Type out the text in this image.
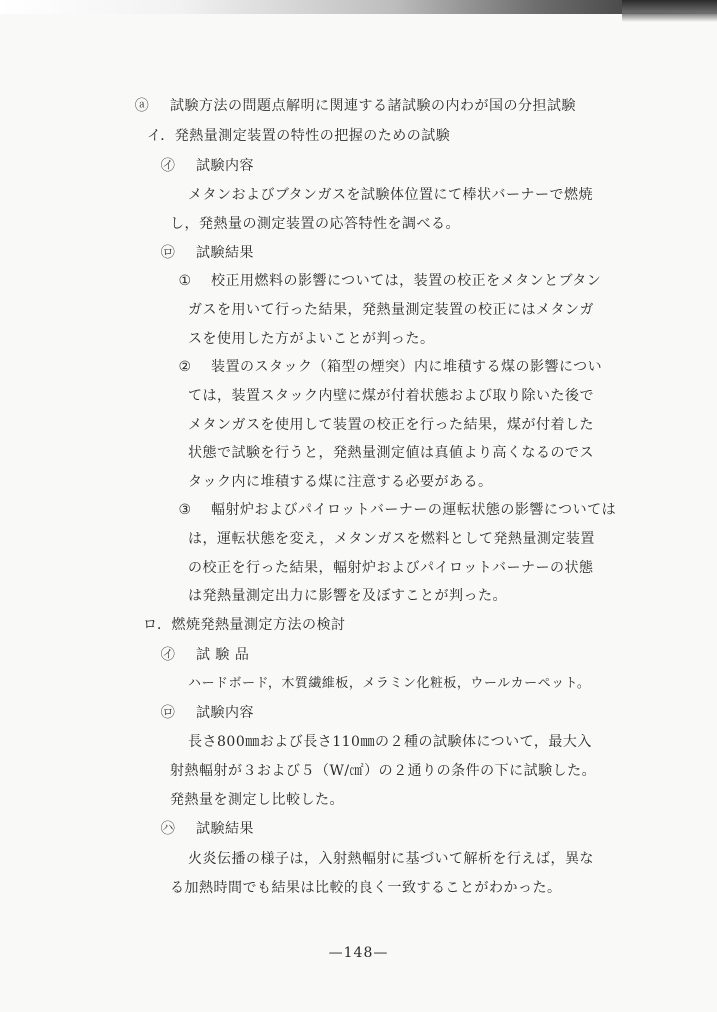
ⓐ 試験方法の問題点解明に関連する諸試験の内わが国の分担試験
イ．発熱量測定装置の特性の把握のための試験
㋑ 試験内容
メタンおよびブタンガスを試験体位置にて棒状バーナーで燃焼
し，発熱量の測定装置の応答特性を調べる。
㋺ 試験結果
① 校正用燃料の影響については，装置の校正をメタンとブタン
ガスを用いて行った結果，発熱量測定装置の校正にはメタンガ
スを使用した方がよいことが判った。
② 装置のスタック（箱型の煙突）内に堆積する煤の影響につい
ては，装置スタック内壁に煤が付着状態および取り除いた後で
メタンガスを使用して装置の校正を行った結果，煤が付着した
状態で試験を行うと，発熱量測定値は真値より高くなるのでス
タック内に堆積する煤に注意する必要がある。
③ 輻射炉およびパイロットバーナーの運転状態の影響については
は，運転状態を変え，メタンガスを燃料として発熱量測定装置
の校正を行った結果，輻射炉およびパイロットバーナーの状態
は発熱量測定出力に影響を及ぼすことが判った。
ロ．燃焼発熱量測定方法の検討
㋑ 試 験 品
ハードボード，木質繊維板，メラミン化粧板，ウールカーペット。
㋺ 試験内容
長さ800㎜および長さ110㎜の２種の試験体について，最大入
射熱輻射が３および５（W/㎠）の２通りの条件の下に試験した。
発熱量を測定し比較した。
㋩ 試験結果
火炎伝播の様子は，入射熱輻射に基づいて解析を行えば，異な
る加熱時間でも結果は比較的良く一致することがわかった。
—148—
